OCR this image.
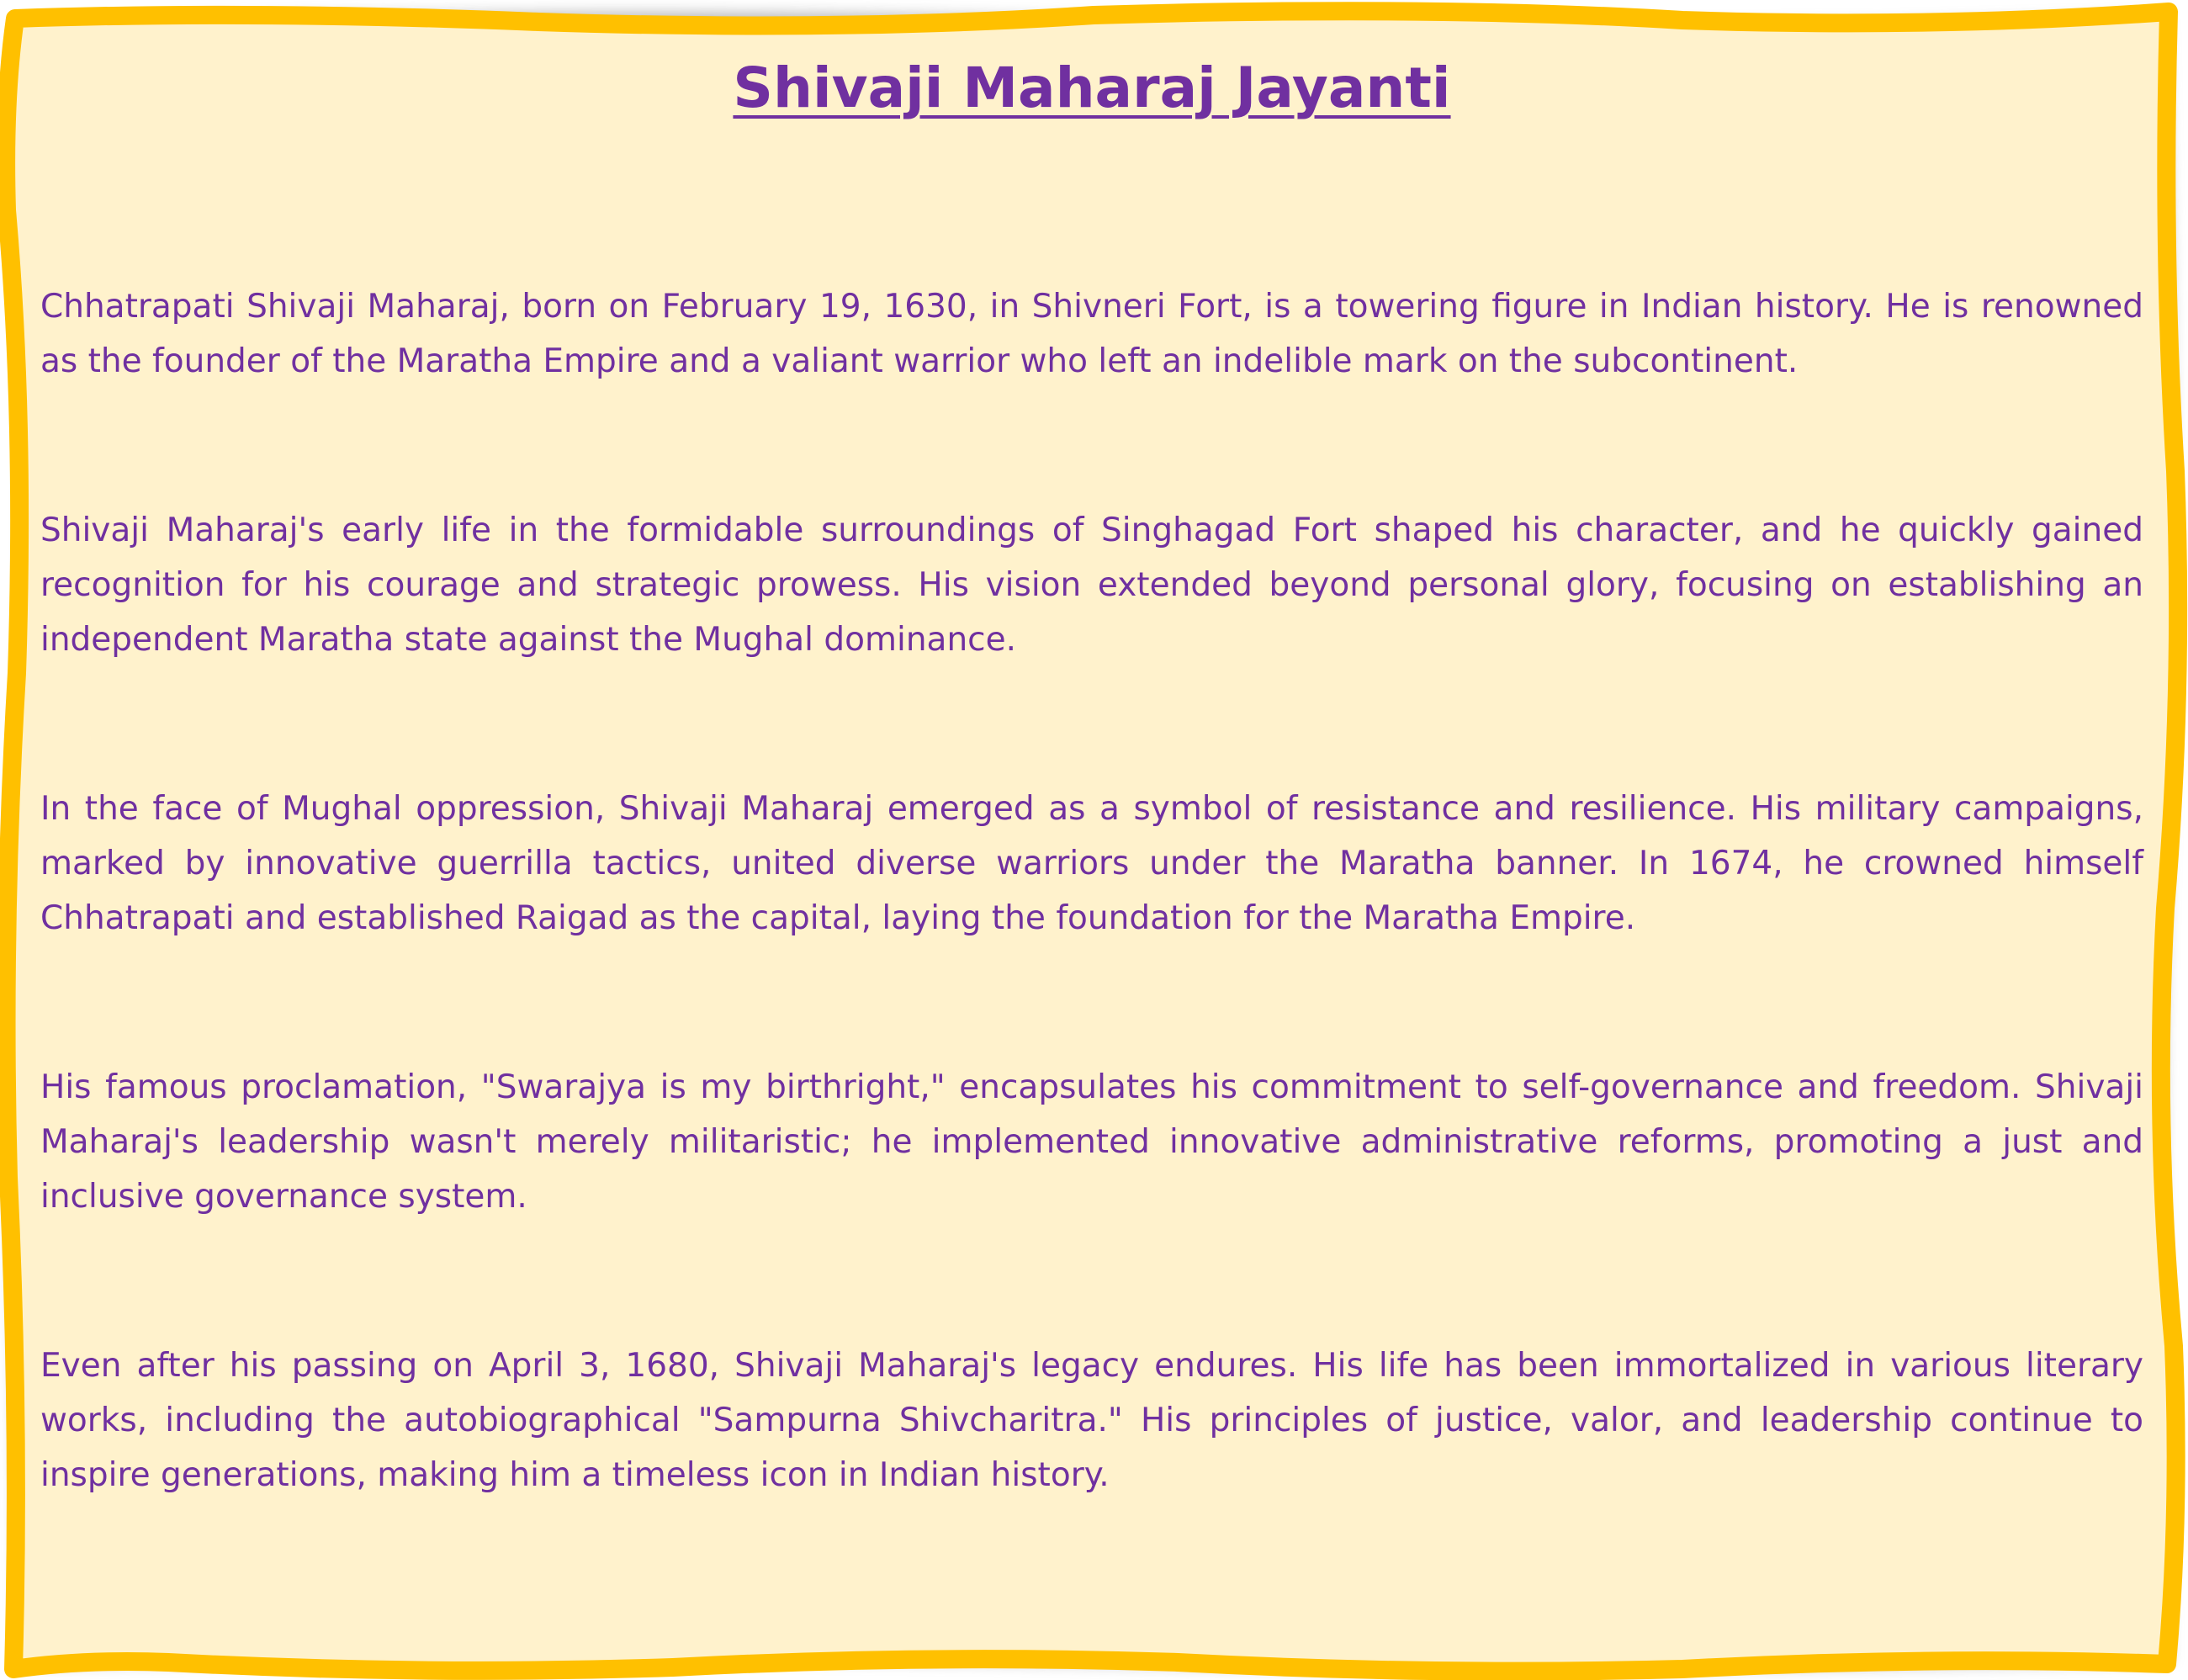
Shivaji Maharaj Jayanti

Chhatrapati Shivaji Maharaj, born on February 19, 1630, in Shivneri Fort, is a towering figure in Indian history. He is renowned as the founder of the Maratha Empire and a valiant warrior who left an indelible mark on the subcontinent.

Shivaji Maharaj's early life in the formidable surroundings of Singhagad Fort shaped his character, and he quickly gained recognition for his courage and strategic prowess. His vision extended beyond personal glory, focusing on establishing an independent Maratha state against the Mughal dominance.

In the face of Mughal oppression, Shivaji Maharaj emerged as a symbol of resistance and resilience. His military campaigns, marked by innovative guerrilla tactics, united diverse warriors under the Maratha banner. In 1674, he crowned himself Chhatrapati and established Raigad as the capital, laying the foundation for the Maratha Empire.

His famous proclamation, "Swarajya is my birthright," encapsulates his commitment to self-governance and freedom. Shivaji Maharaj's leadership wasn't merely militaristic; he implemented innovative administrative reforms, promoting a just and inclusive governance system.

Even after his passing on April 3, 1680, Shivaji Maharaj's legacy endures. His life has been immortalized in various literary works, including the autobiographical "Sampurna Shivcharitra." His principles of justice, valor, and leadership continue to inspire generations, making him a timeless icon in Indian history.
